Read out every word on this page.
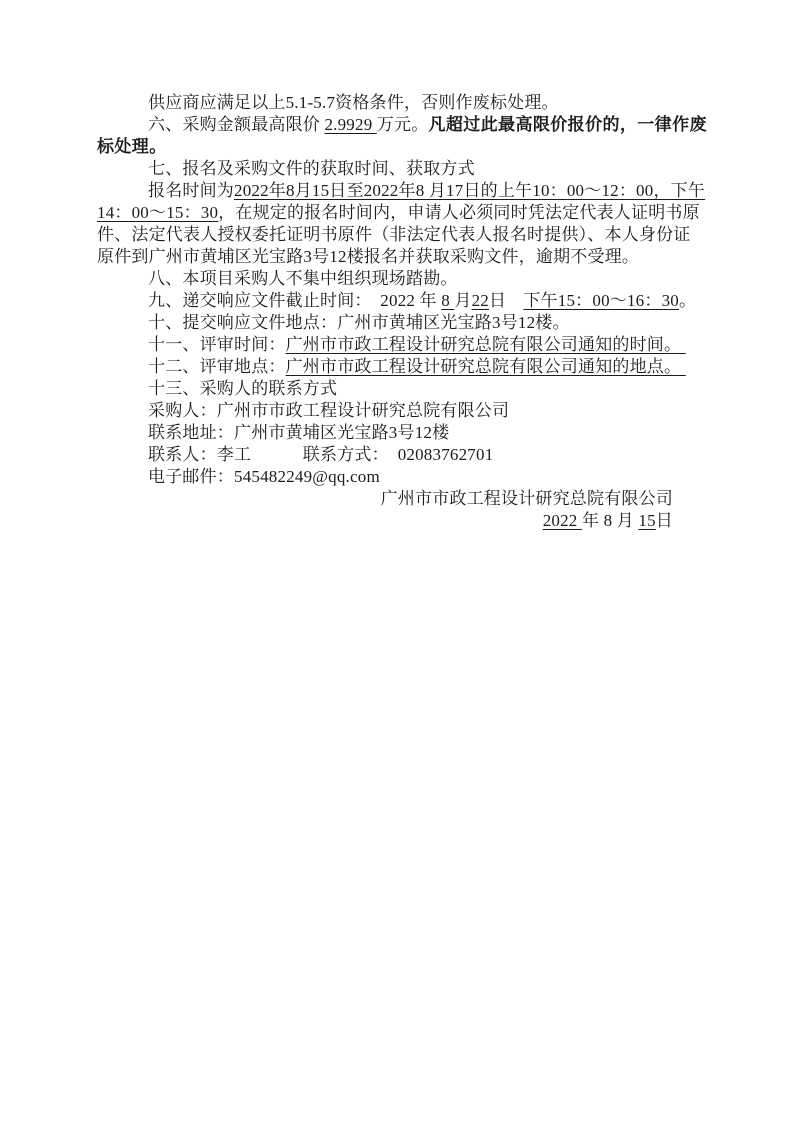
供应商应满足以上5.1-5.7资格条件，否则作废标处理。
六、采购金额最高限价 2.9929 万元。凡超过此最高限价报价的，一律作废
标处理。
七、报名及采购文件的获取时间、获取方式
报名时间为2022年8月15日至2022年8 月17日的上午10：00～12：00，下午
14：00～15：30，在规定的报名时间内，申请人必须同时凭法定代表人证明书原
件、法定代表人授权委托证明书原件（非法定代表人报名时提供）、本人身份证
原件到广州市黄埔区光宝路3号12楼报名并获取采购文件，逾期不受理。
八、本项目采购人不集中组织现场踏勘。
九、递交响应文件截止时间：　2022 年 8 月22日　下午15：00～16：30。
十、提交响应文件地点：广州市黄埔区光宝路3号12楼。
十一、评审时间：广州市市政工程设计研究总院有限公司通知的时间。
十二、评审地点：广州市市政工程设计研究总院有限公司通知的地点。
十三、采购人的联系方式
采购人：广州市市政工程设计研究总院有限公司
联系地址：广州市黄埔区光宝路3号12楼
联系人：李工　　　联系方式：  02083762701
电子邮件：545482249@qq.com
广州市市政工程设计研究总院有限公司
2022 年 8 月 15日
